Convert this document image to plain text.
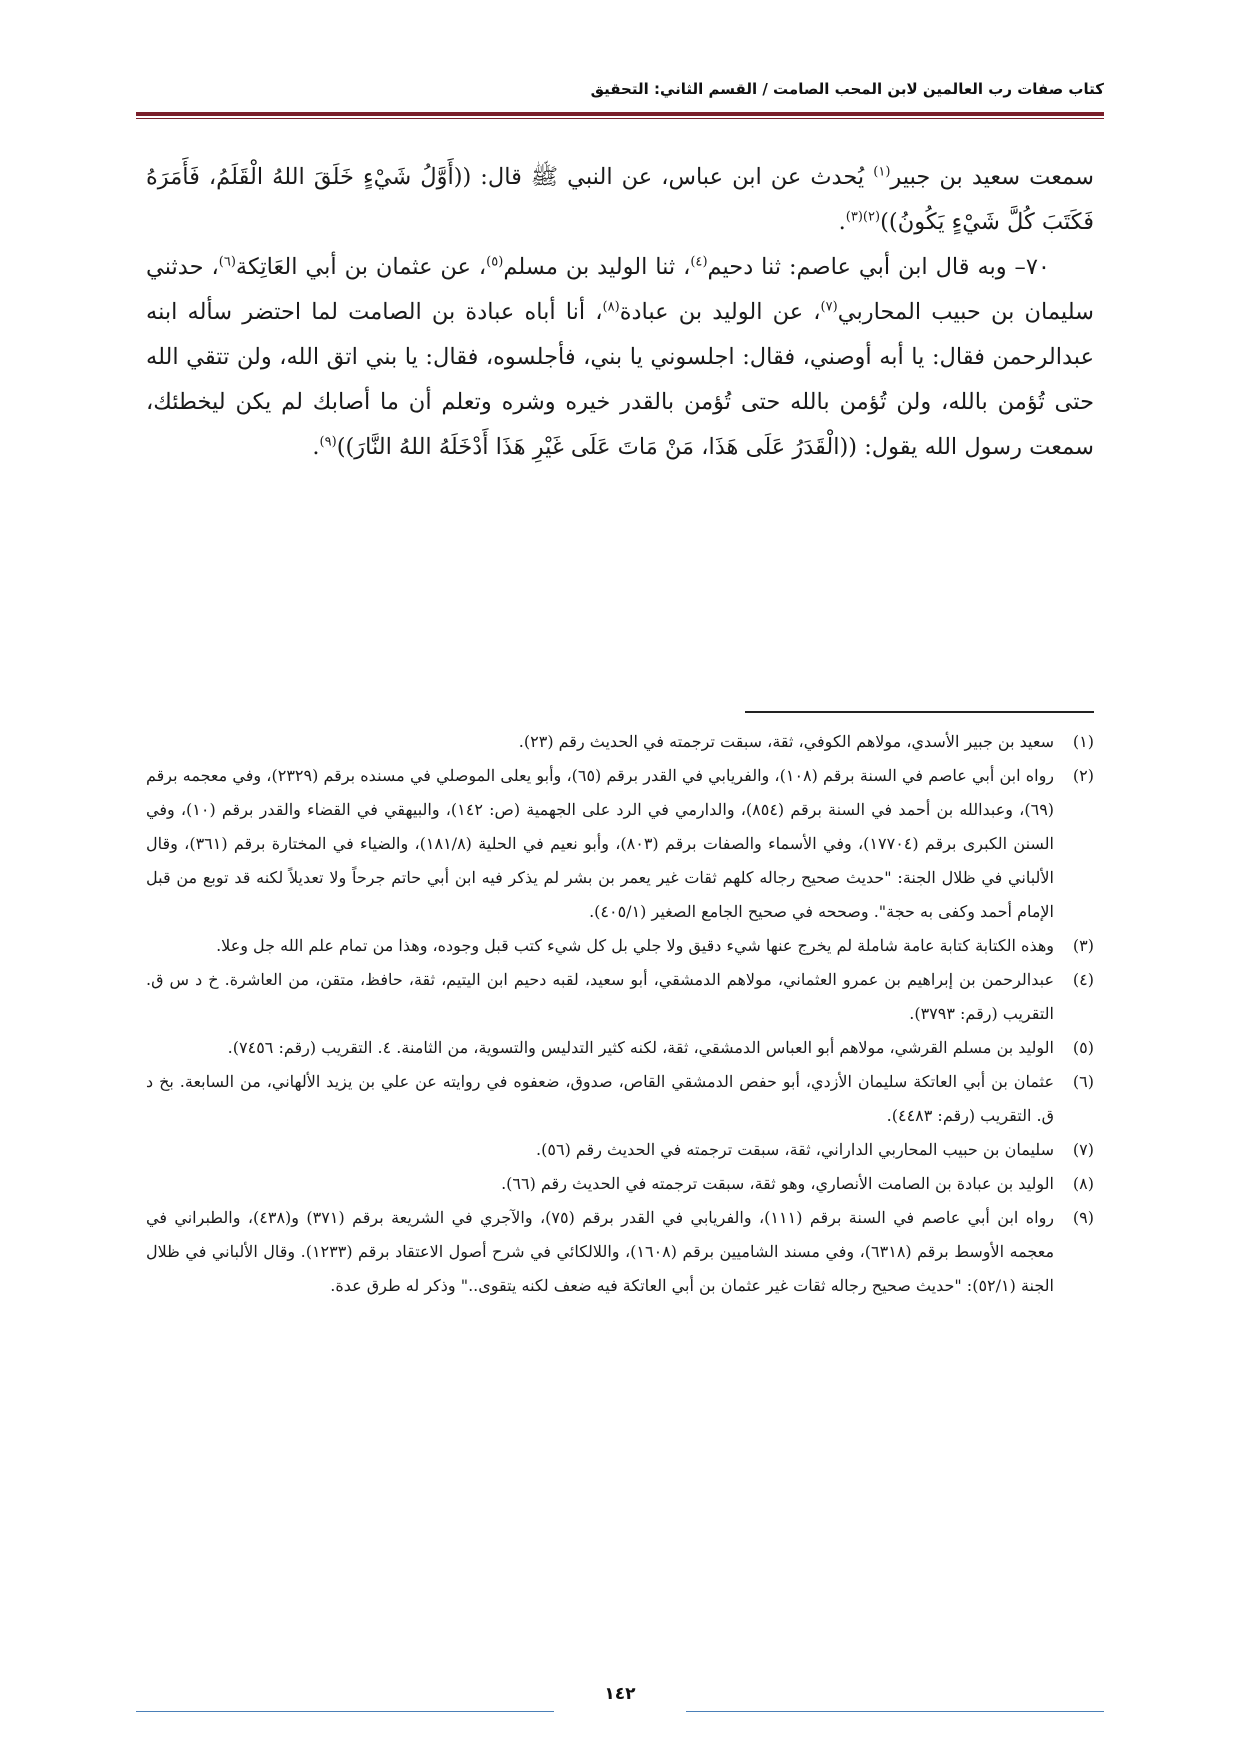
كتاب صفات رب العالمين لابن المحب الصامت / القسم الثاني: التحقيق

سمعت سعيد بن جبير$^{(١)}$ يُحدث عن ابن عباس، عن النبي ﷺ قال: ((أَوَّلُ شَيْءٍ خَلَقَ اللهُ الْقَلَمُ، فَأَمَرَهُ فَكَتَبَ كُلَّ شَيْءٍ يَكُونُ))$^{(٢)(٣)}$.

٧٠– وبه قال ابن أبي عاصم: ثنا دحيم$^{(٤)}$، ثنا الوليد بن مسلم$^{(٥)}$، عن عثمان بن أبي العَاتِكة$^{(٦)}$، حدثني سليمان بن حبيب المحاربي$^{(٧)}$، عن الوليد بن عبادة$^{(٨)}$، أنا أباه عبادة بن الصامت لما احتضر سأله ابنه عبدالرحمن فقال: يا أبه أوصني، فقال: اجلسوني يا بني، فأجلسوه، فقال: يا بني اتق الله، ولن تتقي الله حتى تُؤمن بالله، ولن تُؤمن بالله حتى تُؤمن بالقدر خيره وشره وتعلم أن ما أصابك لم يكن ليخطئك، سمعت رسول الله يقول: ((الْقَدَرُ عَلَى هَذَا، مَنْ مَاتَ عَلَى غَيْرِ هَذَا أَدْخَلَهُ اللهُ النَّارَ))$^{(٩)}$.

(١)
سعيد بن جبير الأسدي، مولاهم الكوفي، ثقة، سبقت ترجمته في الحديث رقم (٢٣).

(٢)
رواه ابن أبي عاصم في السنة برقم (١٠٨)، والفريابي في القدر برقم (٦٥)، وأبو يعلى الموصلي في مسنده برقم (٢٣٢٩)، وفي معجمه برقم (٦٩)، وعبدالله بن أحمد في السنة برقم (٨٥٤)، والدارمي في الرد على الجهمية (ص: ١٤٢)، والبيهقي في القضاء والقدر برقم (١٠)، وفي السنن الكبرى برقم (١٧٧٠٤)، وفي الأسماء والصفات برقم (٨٠٣)، وأبو نعيم في الحلية (١٨١/٨)، والضياء في المختارة برقم (٣٦١)، وقال الألباني في ظلال الجنة: "حديث صحيح رجاله كلهم ثقات غير يعمر بن بشر لم يذكر فيه ابن أبي حاتم جرحاً ولا تعديلاً لكنه قد توبع من قبل الإمام أحمد وكفى به حجة". وصححه في صحيح الجامع الصغير (٤٠٥/١).

(٣)
وهذه الكتابة كتابة عامة شاملة لم يخرج عنها شيء دقيق ولا جلي بل كل شيء كتب قبل وجوده، وهذا من تمام علم الله جل وعلا.

(٤)
عبدالرحمن بن إبراهيم بن عمرو العثماني، مولاهم الدمشقي، أبو سعيد، لقبه دحيم ابن اليتيم، ثقة، حافظ، متقن، من العاشرة. خ د س ق. التقريب (رقم: ٣٧٩٣).

(٥)
الوليد بن مسلم القرشي، مولاهم أبو العباس الدمشقي، ثقة، لكنه كثير التدليس والتسوية، من الثامنة. ٤. التقريب (رقم: ٧٤٥٦).

(٦)
عثمان بن أبي العاتكة سليمان الأزدي، أبو حفص الدمشقي القاص، صدوق، ضعفوه في روايته عن علي بن يزيد الألهاني، من السابعة. بخ د ق. التقريب (رقم: ٤٤٨٣).

(٧)
سليمان بن حبيب المحاربي الداراني، ثقة، سبقت ترجمته في الحديث رقم (٥٦).

(٨)
الوليد بن عبادة بن الصامت الأنصاري، وهو ثقة، سبقت ترجمته في الحديث رقم (٦٦).

(٩)
رواه ابن أبي عاصم في السنة برقم (١١١)، والفريابي في القدر برقم (٧٥)، والآجري في الشريعة برقم (٣٧١) و(٤٣٨)، والطبراني في معجمه الأوسط برقم (٦٣١٨)، وفي مسند الشاميين برقم (١٦٠٨)، واللالكائي في شرح أصول الاعتقاد برقم (١٢٣٣). وقال الألباني في ظلال الجنة (٥٢/١): "حديث صحيح رجاله ثقات غير عثمان بن أبي العاتكة فيه ضعف لكنه يتقوى.." وذكر له طرق عدة.

١٤٢
